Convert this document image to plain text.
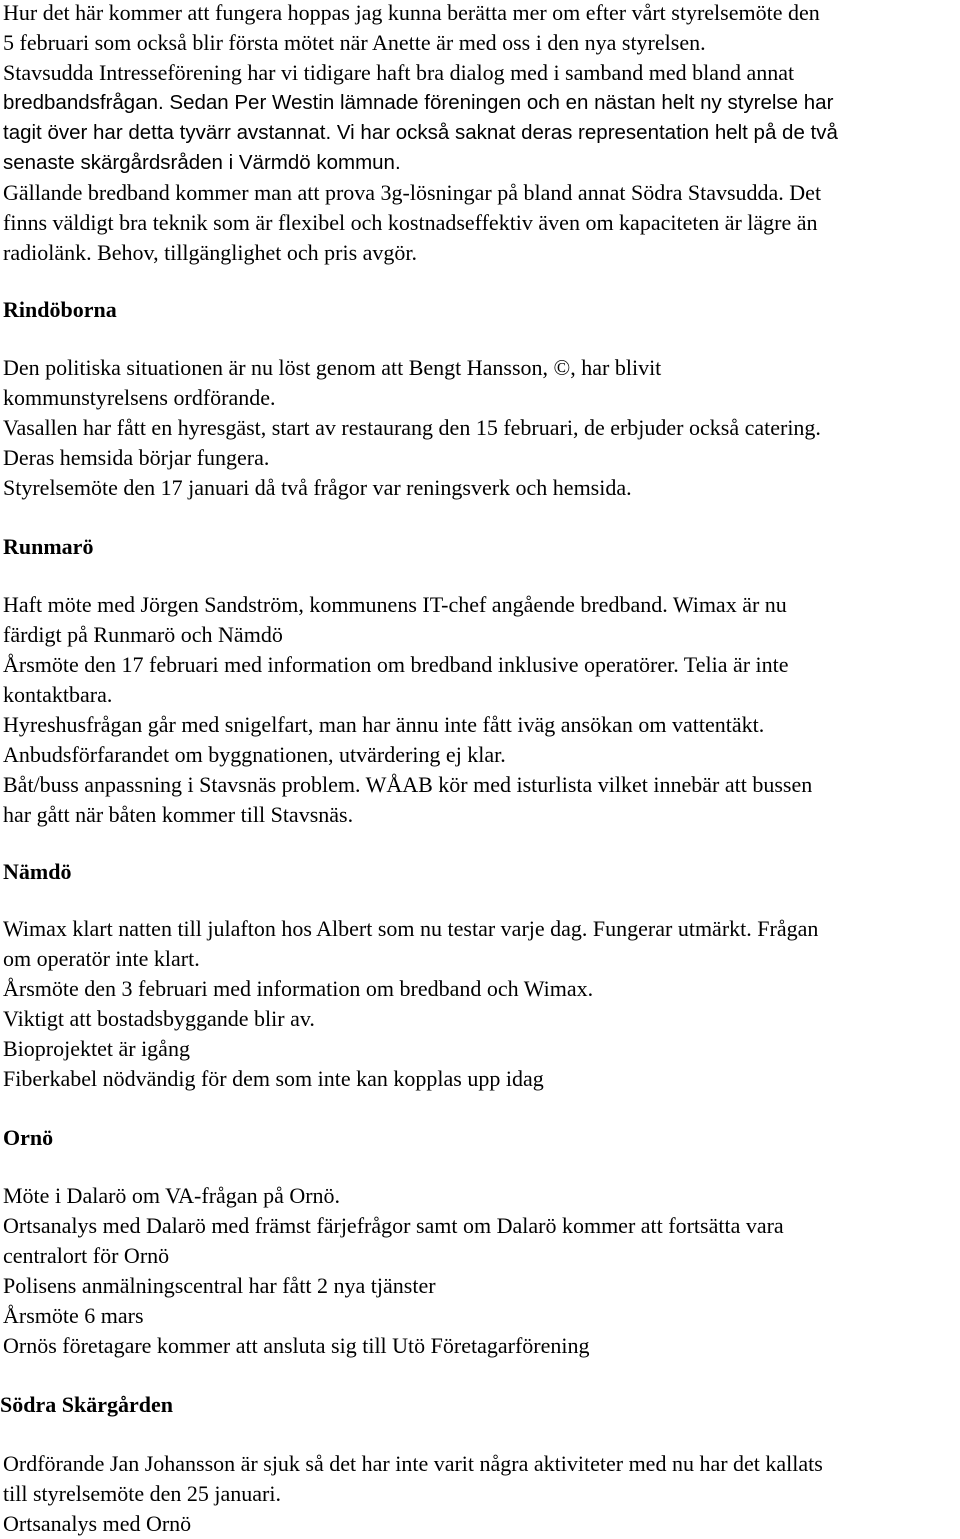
Hur det här kommer att fungera hoppas jag kunna berätta mer om efter vårt styrelsemöte den
5 februari som också blir första mötet när Anette är med oss i den nya styrelsen.
Stavsudda Intresseförening har vi tidigare haft bra dialog med i samband med bland annat
bredbandsfrågan. Sedan Per Westin lämnade föreningen och en nästan helt ny styrelse har
tagit över har detta tyvärr avstannat. Vi har också saknat deras representation helt på de två
senaste skärgårdsråden i Värmdö kommun.
Gällande bredband kommer man att prova 3g-lösningar på bland annat Södra Stavsudda. Det
finns väldigt bra teknik som är flexibel och kostnadseffektiv även om kapaciteten är lägre än
radiolänk. Behov, tillgänglighet och pris avgör.
Rindöborna
Den politiska situationen är nu löst genom att Bengt Hansson, ©, har blivit
kommunstyrelsens ordförande.
Vasallen har fått en hyresgäst, start av restaurang den 15 februari, de erbjuder också catering.
Deras hemsida börjar fungera.
Styrelsemöte den 17 januari då två frågor var reningsverk och hemsida.
Runmarö
Haft möte med Jörgen Sandström, kommunens IT-chef angående bredband. Wimax är nu
färdigt på Runmarö och Nämdö
Årsmöte den 17 februari med information om bredband inklusive operatörer. Telia är inte
kontaktbara.
Hyreshusfrågan går med snigelfart, man har ännu inte fått iväg ansökan om vattentäkt.
Anbudsförfarandet om byggnationen, utvärdering ej klar.
Båt/buss anpassning i Stavsnäs problem. WÅAB kör med isturlista vilket innebär att bussen
har gått när båten kommer till Stavsnäs.
Nämdö
Wimax klart natten till julafton hos Albert som nu testar varje dag. Fungerar utmärkt. Frågan
om operatör inte klart.
Årsmöte den 3 februari med information om bredband och Wimax.
Viktigt att bostadsbyggande blir av.
Bioprojektet är igång
Fiberkabel nödvändig för dem som inte kan kopplas upp idag
Ornö
Möte i Dalarö om VA-frågan på Ornö.
Ortsanalys med Dalarö med främst färjefrågor samt om Dalarö kommer att fortsätta vara
centralort för Ornö
Polisens anmälningscentral har fått 2 nya tjänster
Årsmöte 6 mars
Ornös företagare kommer att ansluta sig till Utö Företagarförening
Södra Skärgården
Ordförande Jan Johansson är sjuk så det har inte varit några aktiviteter med nu har det kallats
till styrelsemöte den 25 januari.
Ortsanalys med Ornö
